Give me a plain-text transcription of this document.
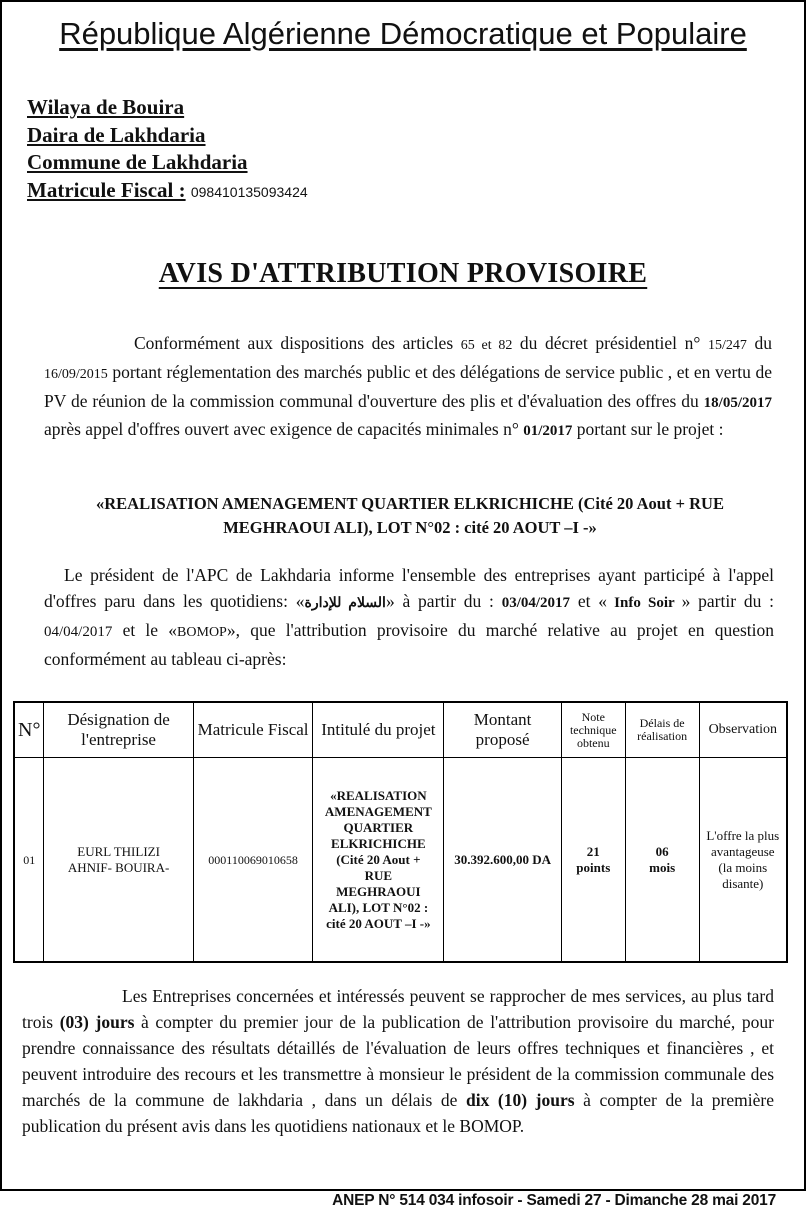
République Algérienne Démocratique et Populaire
Wilaya de Bouira
Daira de Lakhdaria
Commune de Lakhdaria
Matricule Fiscal : 098410135093424
AVIS D'ATTRIBUTION PROVISOIRE
Conformément aux dispositions des articles 65 et 82 du décret présidentiel n° 15/247 du 16/09/2015 portant réglementation des marchés public et des délégations de service public , et en vertu de PV de réunion de la commission communal d'ouverture des plis et d'évaluation des offres du 18/05/2017 après appel d'offres ouvert avec exigence de capacités minimales n° 01/2017 portant sur le projet :
«REALISATION AMENAGEMENT QUARTIER ELKRICHICHE (Cité 20 Aout + RUE MEGHRAOUI ALI), LOT N°02 : cité 20 AOUT –I -»
Le président de l'APC de Lakhdaria informe l'ensemble des entreprises ayant participé à l'appel d'offres paru dans les quotidiens: «السلام للإدارة» à partir du : 03/04/2017 et « Info Soir » partir du : 04/04/2017 et le «BOMOP», que l'attribution provisoire du marché relative au projet en question conformément au tableau ci-après:
N°	Désignation de l'entreprise	Matricule Fiscal	Intitulé du projet	Montant proposé	Note technique obtenu	Délais de réalisation	Observation
01	EURL THILIZI AHNIF- BOUIRA-	000110069010658	«REALISATION AMENAGEMENT QUARTIER ELKRICHICHE (Cité 20 Aout + RUE MEGHRAOUI ALI), LOT N°02 : cité 20 AOUT –I -»	30.392.600,00 DA	21 points	06 mois	L'offre la plus avantageuse (la moins disante)
Les Entreprises concernées et intéressés peuvent se rapprocher de mes services, au plus tard trois (03) jours à compter du premier jour de la publication de l'attribution provisoire du marché, pour prendre connaissance des résultats détaillés de l'évaluation de leurs offres techniques et financières , et peuvent introduire des recours et les transmettre à monsieur le président de la commission communale des marchés de la commune de lakhdaria , dans un délais de dix (10) jours à compter de la première publication du présent avis dans les quotidiens nationaux et le BOMOP.
ANEP N° 514 034 infosoir - Samedi 27 - Dimanche 28 mai 2017
